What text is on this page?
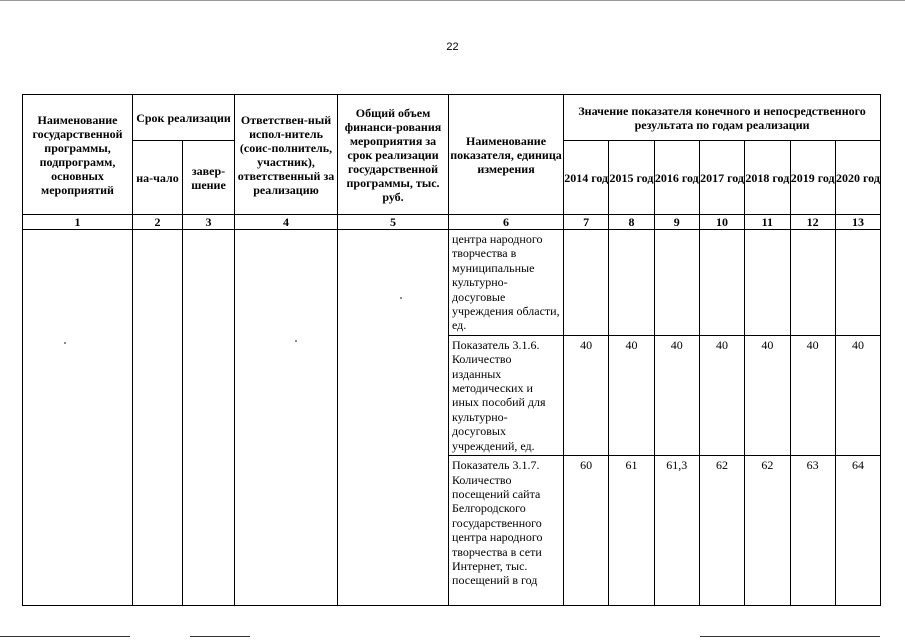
22
Наименование государственной программы, подпрограмм, основных мероприятий	Срок реализации		Ответствен-ный испол-нитель (соис-полнитель, участник), ответственный за реализацию	Общий объем финанси-рования мероприятия за срок реализации государственной программы, тыс. руб.	Наименование показателя, единица измерения	Значение показателя конечного и непосредственного результата по годам реализации						
	на-чало	завер-шение				2014 год	2015 год	2016 год	2017 год	2018 год	2019 год	2020 год
1	2	3	4	5	6	7	8	9	10	11	12	13
					центра народного творчества в муниципальные культурно-досуговые учреждения области, ед.							
					Показатель 3.1.6. Количество изданных методических и иных пособий для культурно-досуговых учреждений, ед.	40	40	40	40	40	40	40
					Показатель 3.1.7. Количество посещений сайта Белгородского государственного центра народного творчества в сети Интернет, тыс. посещений в год	60	61	61,3	62	62	63	64
